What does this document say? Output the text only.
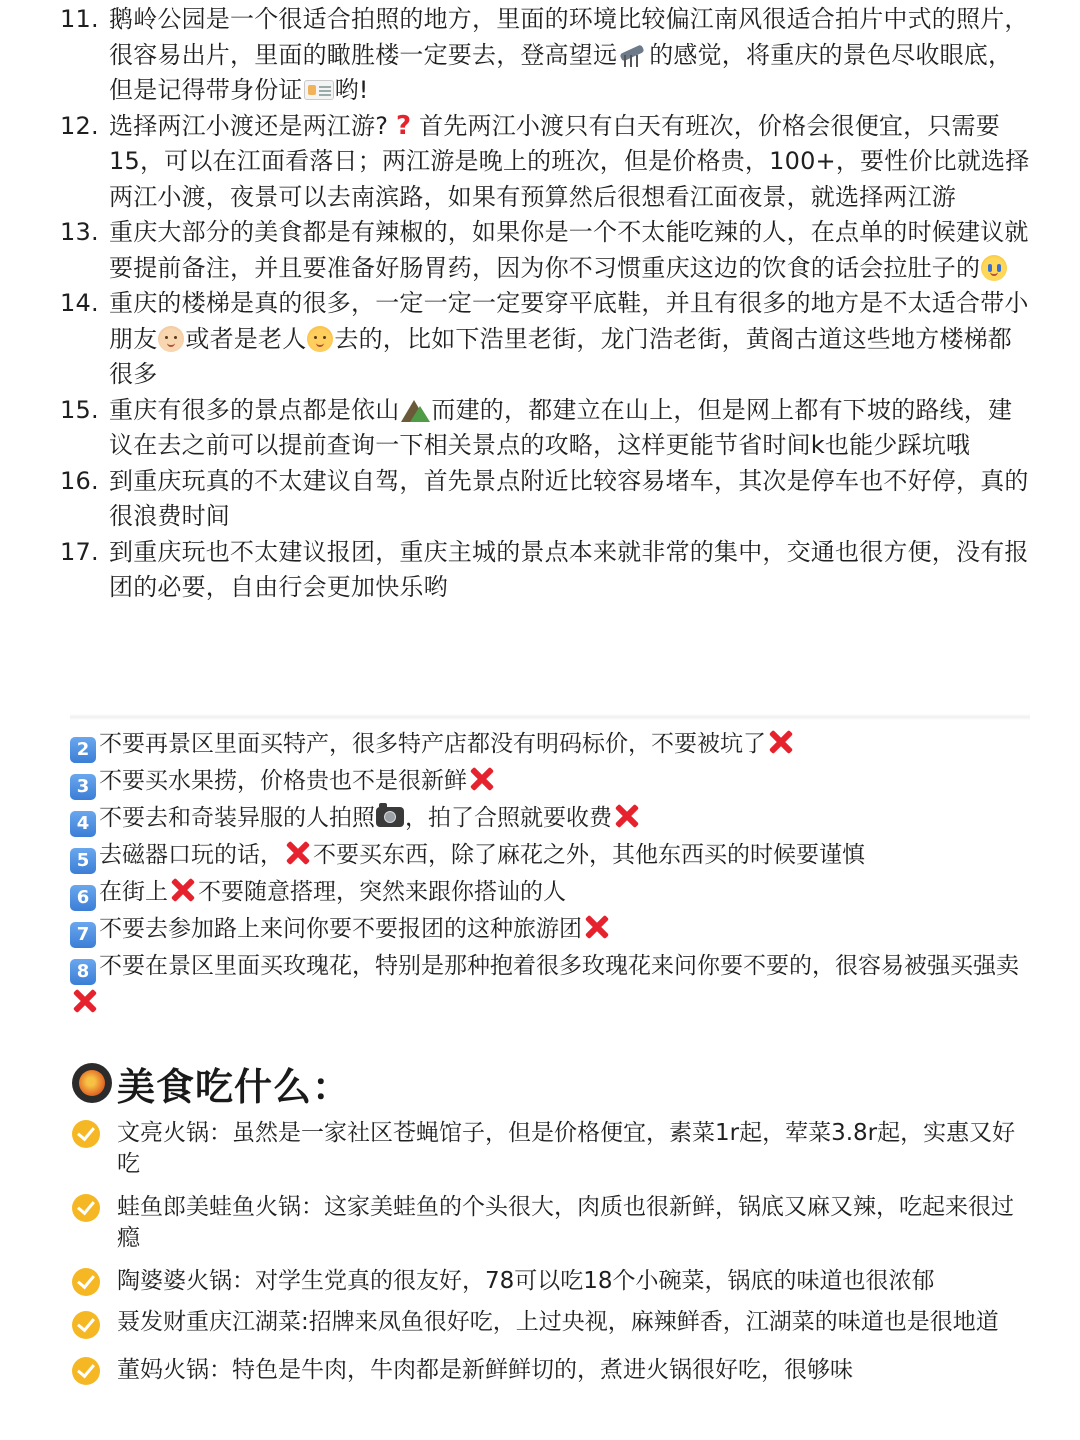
11. 鹅岭公园是一个很适合拍照的地方，里面的环境比较偏江南风很适合拍片中式的照片，很容易出片，里面的瞰胜楼一定要去，登高望远 的感觉，将重庆的景色尽收眼底，但是记得带身份证 哟!
12. 选择两江小渡还是两江游? ? 首先两江小渡只有白天有班次，价格会很便宜，只需要15，可以在江面看落日；两江游是晚上的班次，但是价格贵，100+，要性价比就选择两江小渡，夜景可以去南滨路，如果有预算然后很想看江面夜景，就选择两江游
13. 重庆大部分的美食都是有辣椒的，如果你是一个不太能吃辣的人，在点单的时候建议就要提前备注，并且要准备好肠胃药，因为你不习惯重庆这边的饮食的话会拉肚子的
14. 重庆的楼梯是真的很多，一定一定一定要穿平底鞋，并且有很多的地方是不太适合带小朋友 或者是老人 去的，比如下浩里老街，龙门浩老街，黄阁古道这些地方楼梯都很多
15. 重庆有很多的景点都是依山 而建的，都建立在山上，但是网上都有下坡的路线，建议在去之前可以提前查询一下相关景点的攻略，这样更能节省时间k也能少踩坑哦
16. 到重庆玩真的不太建议自驾，首先景点附近比较容易堵车，其次是停车也不好停，真的很浪费时间
17. 到重庆玩也不太建议报团，重庆主城的景点本来就非常的集中，交通也很方便，没有报团的必要，自由行会更加快乐哟
2 不要再景区里面买特产，很多特产店都没有明码标价，不要被坑了
3 不要买水果捞，价格贵也不是很新鲜
4 不要去和奇装异服的人拍照 ，拍了合照就要收费
5 去磁器口玩的话， 不要买东西，除了麻花之外，其他东西买的时候要谨慎
6 在街上 不要随意搭理，突然来跟你搭讪的人
7 不要去参加路上来问你要不要报团的这种旅游团
8 不要在景区里面买玫瑰花，特别是那种抱着很多玫瑰花来问你要不要的，很容易被强买强卖
美食吃什么：
文亮火锅：虽然是一家社区苍蝇馆子，但是价格便宜，素菜1r起，荤菜3.8r起，实惠又好吃
蛙鱼郎美蛙鱼火锅：这家美蛙鱼的个头很大，肉质也很新鲜，锅底又麻又辣，吃起来很过瘾
陶婆婆火锅：对学生党真的很友好，78可以吃18个小碗菜，锅底的味道也很浓郁
聂发财重庆江湖菜:招牌来凤鱼很好吃，上过央视，麻辣鲜香，江湖菜的味道也是很地道
董妈火锅：特色是牛肉，牛肉都是新鲜鲜切的，煮进火锅很好吃，很够味
